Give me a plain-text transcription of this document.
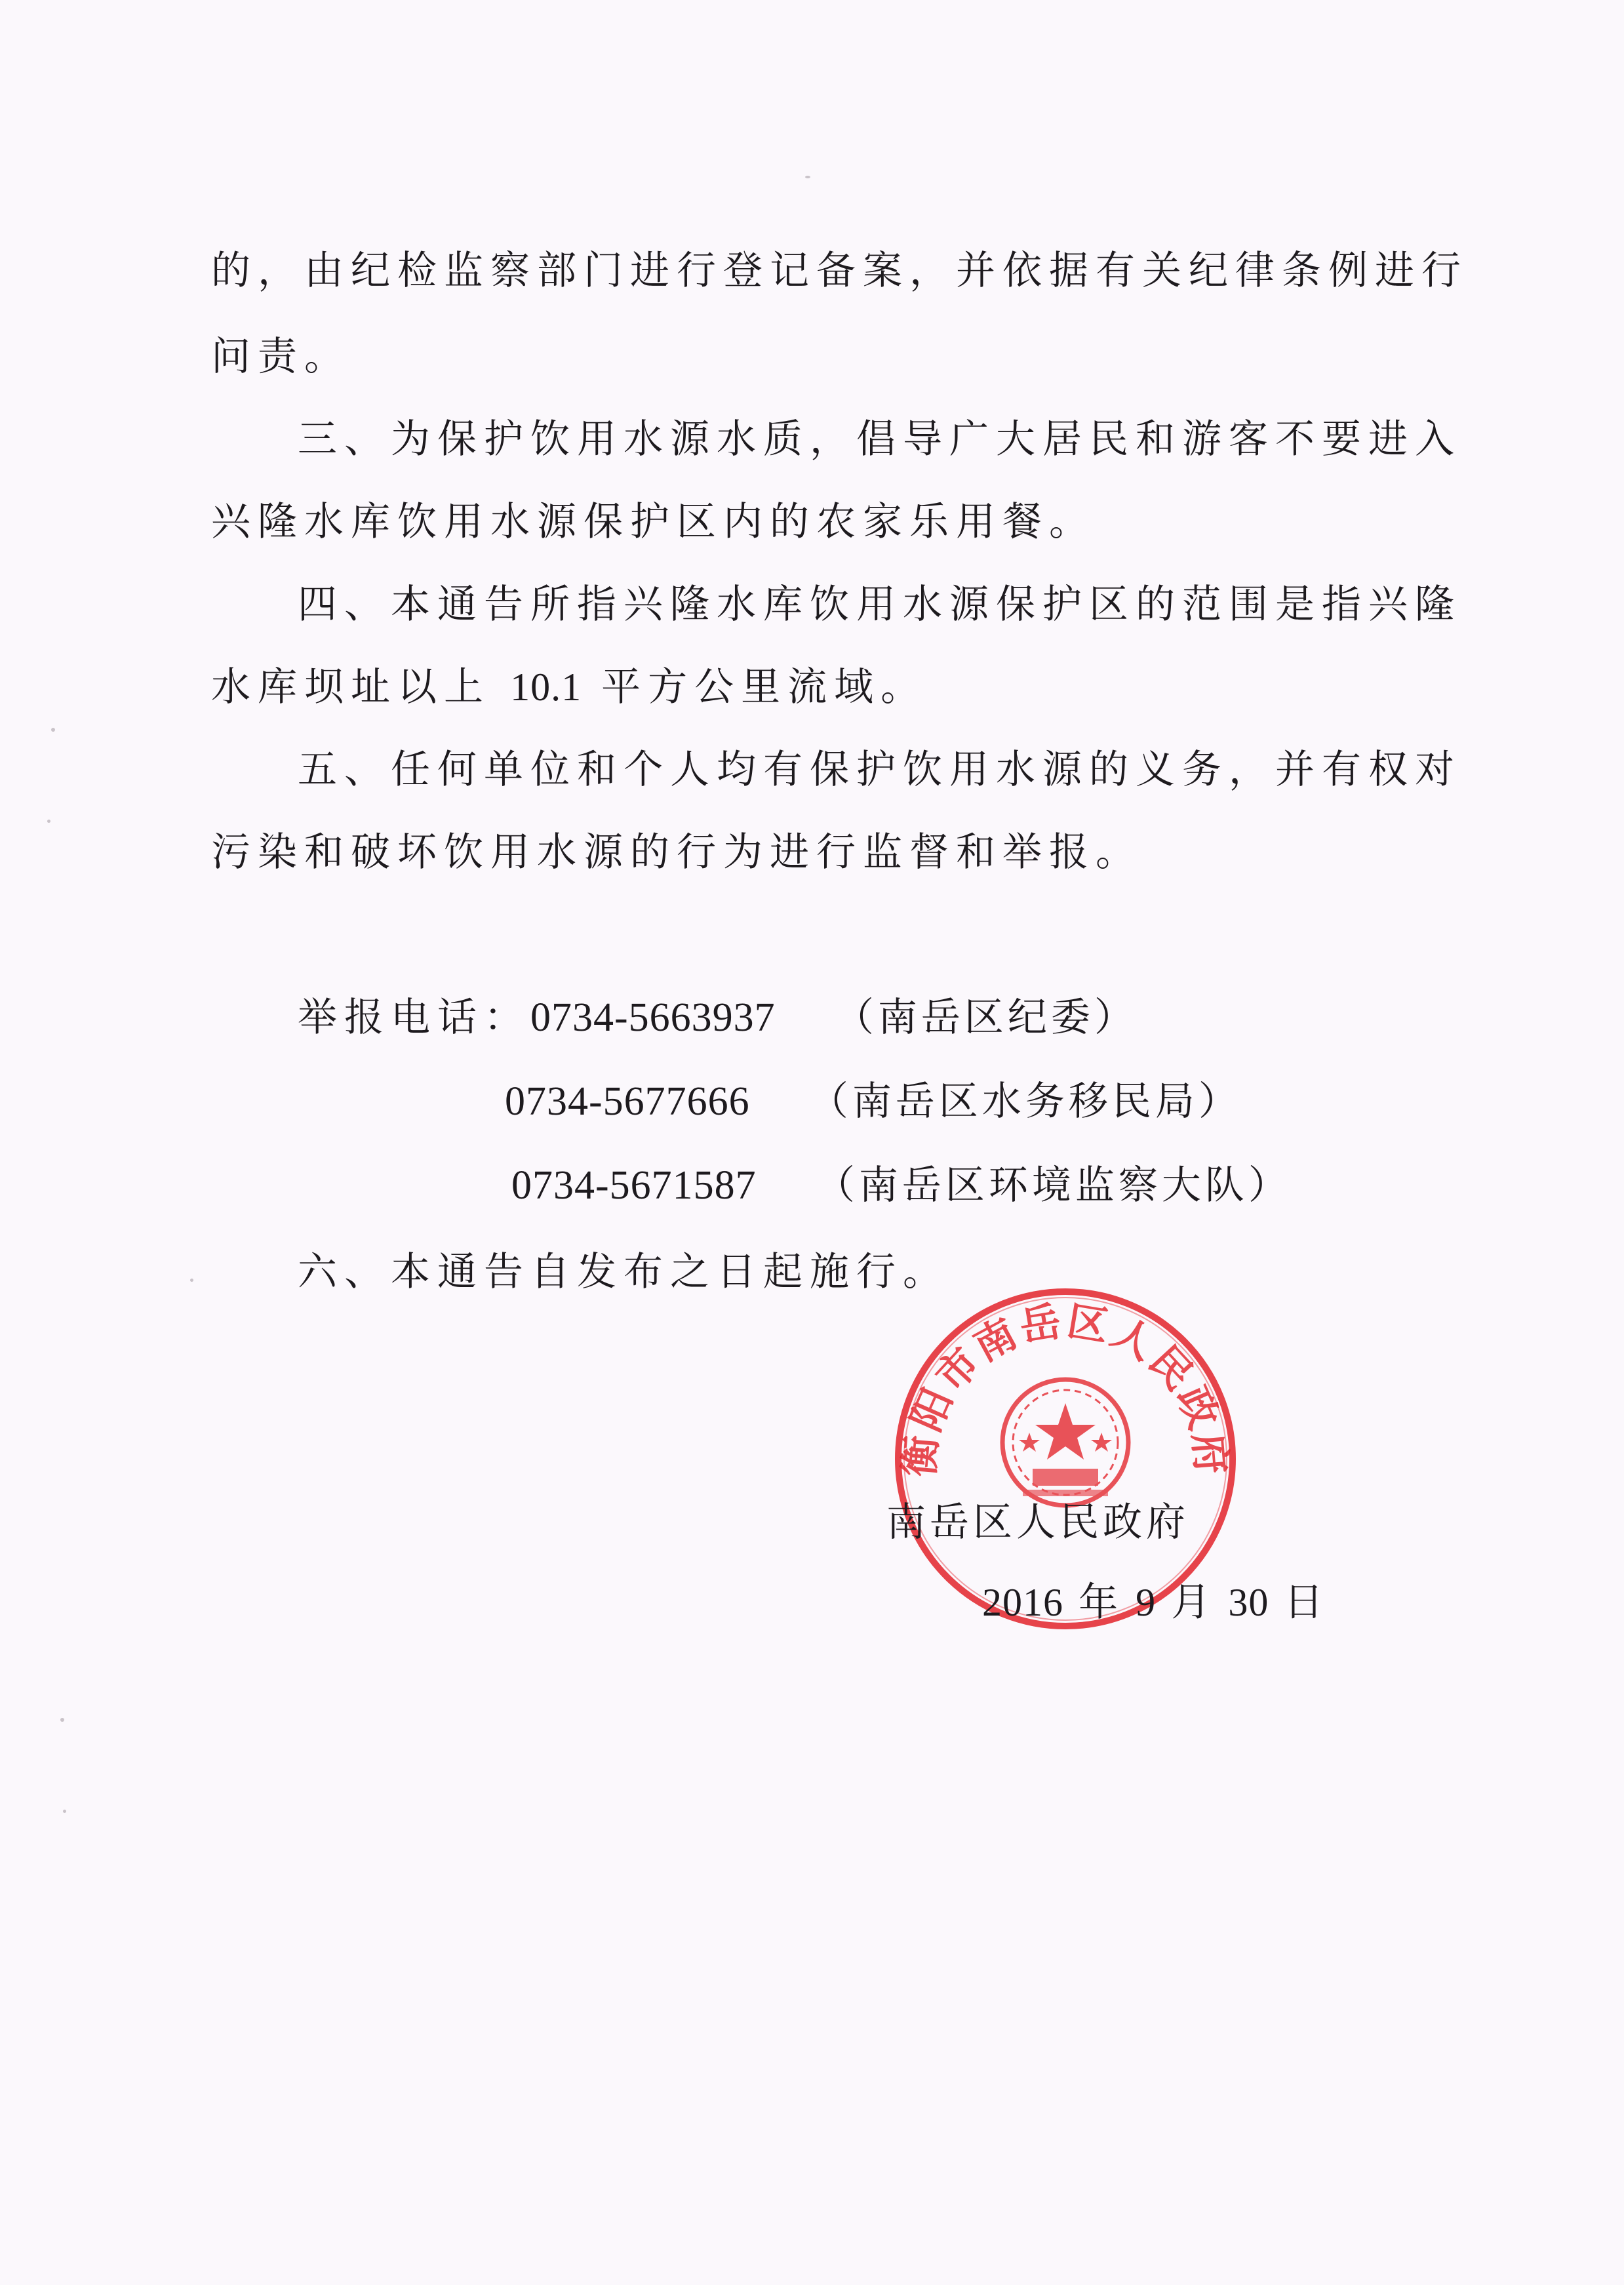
的，由纪检监察部门进行登记备案，并依据有关纪律条例进行
问责。
三、为保护饮用水源水质，倡导广大居民和游客不要进入
兴隆水库饮用水源保护区内的农家乐用餐。
四、本通告所指兴隆水库饮用水源保护区的范围是指兴隆
水库坝址以上 10.1 平方公里流域。
五、任何单位和个人均有保护饮用水源的义务，并有权对
污染和破坏饮用水源的行为进行监督和举报。
举报电话：0734-5663937 （南岳区纪委）
0734-5677666 （南岳区水务移民局）
0734-5671587 （南岳区环境监察大队）
六、本通告自发布之日起施行。
衡阳市南岳区人民政府
南岳区人民政府
2016 年 9 月 30 日
